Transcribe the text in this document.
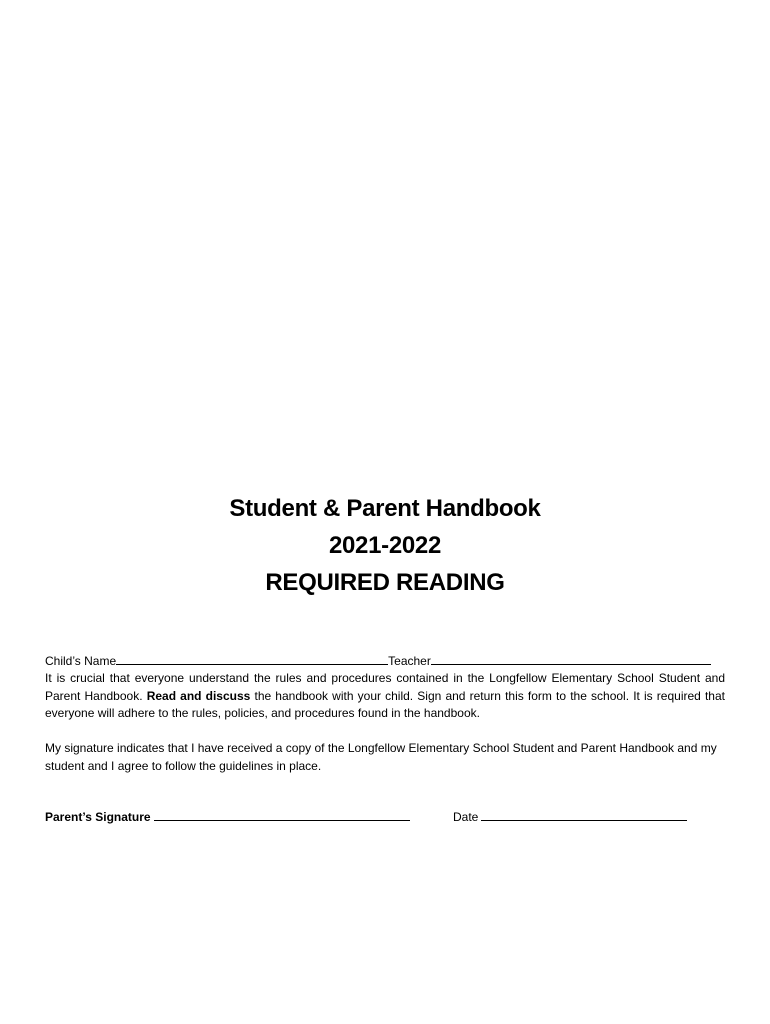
Student & Parent Handbook
2021-2022
REQUIRED READING
Child’s Name	Teacher
It is crucial that everyone understand the rules and procedures contained in the Longfellow Elementary School Student and Parent Handbook. Read and discuss the handbook with your child. Sign and return this form to the school. It is required that everyone will adhere to the rules, policies, and procedures found in the handbook.
My signature indicates that I have received a copy of the Longfellow Elementary School Student and Parent Handbook and my student and I agree to follow the guidelines in place.
Parent’s Signature	Date
